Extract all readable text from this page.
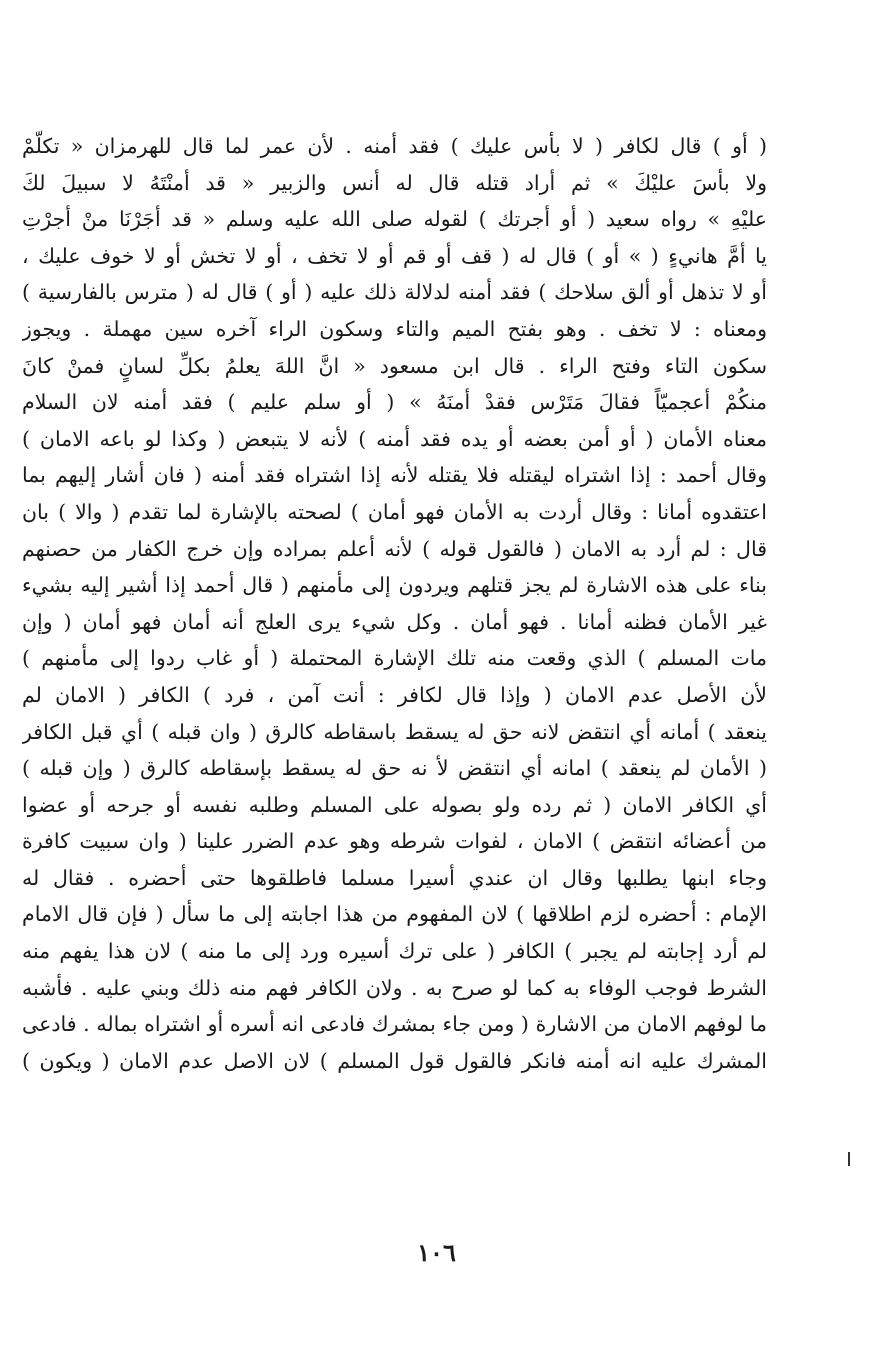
( أو ) قال لكافر ( لا بأس عليك ) فقد أمنه . لأن عمر لما قال للهرمزان « تكلّمْ
ولا بأسَ عليْكَ » ثم أراد قتله قال له أنس والزبير « قد أمنْتَهُ لا سبيلَ لكَ
عليْهِ » رواه سعيد ( أو أجرتك ) لقوله صلى الله عليه وسلم « قد أجَرْنَا منْ أجرْتِ
يا أمَّ هانيءٍ ( » أو ) قال له ( قف أو قم أو لا تخف ، أو لا تخش أو لا خوف عليك ،
أو لا تذهل أو ألق سلاحك ) فقد أمنه لدلالة ذلك عليه ( أو ) قال له ( مترس بالفارسية )
ومعناه : لا تخف . وهو بفتح الميم والتاء وسكون الراء آخره سين مهملة . ويجوز
سكون التاء وفتح الراء . قال ابن مسعود « انَّ اللهَ يعلمُ بكلِّ لسانٍ فمنْ كانَ
منكُمْ أعجميّاً فقالَ مَتَرْس فقدْ أمنَهُ » ( أو سلم عليم ) فقد أمنه لان السلام
معناه الأمان ( أو أمن بعضه أو يده فقد أمنه ) لأنه لا يتبعض ( وكذا لو باعه الامان )
وقال أحمد : إذا اشتراه ليقتله فلا يقتله لأنه إذا اشتراه فقد أمنه ( فان أشار إليهم بما
اعتقدوه أمانا : وقال أردت به الأمان فهو أمان ) لصحته بالإشارة لما تقدم ( والا ) بان
قال : لم أرد به الامان ( فالقول قوله ) لأنه أعلم بمراده وإن خرج الكفار من حصنهم
بناء على هذه الاشارة لم يجز قتلهم ويردون إلى مأمنهم ( قال أحمد إذا أشير إليه بشيء
غير الأمان فظنه أمانا . فهو أمان . وكل شيء يرى العلج أنه أمان فهو أمان ( وإن
مات المسلم ) الذي وقعت منه تلك الإشارة المحتملة ( أو غاب ردوا إلى مأمنهم )
لأن الأصل عدم الامان ( وإذا قال لكافر : أنت آمن ، فرد ) الكافر ( الامان لم
ينعقد ) أمانه أي انتقض لانه حق له يسقط باسقاطه كالرق ( وان قبله ) أي قبل الكافر
( الأمان لم ينعقد ) امانه أي انتقض لأ نه حق له يسقط بإسقاطه كالرق ( وإن قبله )
أي الكافر الامان ( ثم رده ولو بصوله على المسلم وطلبه نفسه أو جرحه أو عضوا
من أعضائه انتقض ) الامان ، لفوات شرطه وهو عدم الضرر علينا ( وان سبيت كافرة
وجاء ابنها يطلبها وقال ان عندي أسيرا مسلما فاطلقوها حتى أحضره . فقال له
الإمام : أحضره لزم اطلاقها ) لان المفهوم من هذا اجابته إلى ما سأل ( فإن قال الامام
لم أرد إجابته لم يجبر ) الكافر ( على ترك أسيره ورد إلى ما منه ) لان هذا يفهم منه
الشرط فوجب الوفاء به كما لو صرح به . ولان الكافر فهم منه ذلك وبني عليه . فأشبه
ما لوفهم الامان من الاشارة ( ومن جاء بمشرك فادعى انه أسره أو اشتراه بماله . فادعى
المشرك عليه انه أمنه فانكر فالقول قول المسلم ) لان الاصل عدم الامان ( ويكون )
١٠٦
